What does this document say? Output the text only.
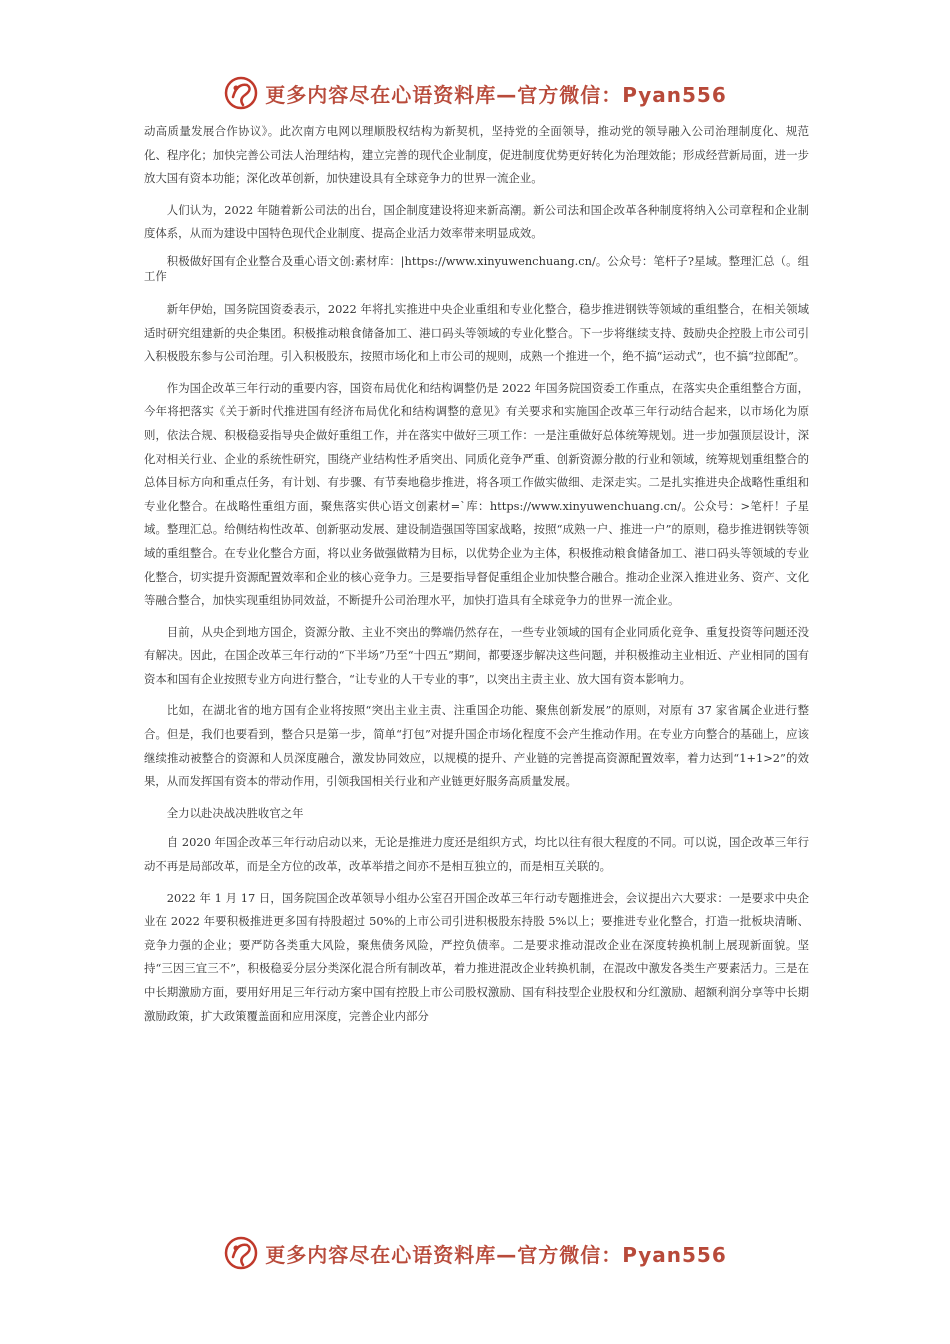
更多内容尽在心语资料库—官方微信：Pyan556

动高质量发展合作协议》。此次南方电网以理顺股权结构为新契机，坚持党的全面领导，推动党的领导融入公司治理制度化、规范化、程序化；加快完善公司法人治理结构，建立完善的现代企业制度，促进制度优势更好转化为治理效能；形成经营新局面，进一步放大国有资本功能；深化改革创新，加快建设具有全球竞争力的世界一流企业。

人们认为，2022 年随着新公司法的出台，国企制度建设将迎来新高潮。新公司法和国企改革各种制度将纳入公司章程和企业制度体系，从而为建设中国特色现代企业制度、提高企业活力效率带来明显成效。

积极做好国有企业整合及重心语文创:素材库：|https://www.xinyuwenchuang.cn/。公众号：笔杆子?星域。整理汇总（。组工作

新年伊始，国务院国资委表示，2022 年将扎实推进中央企业重组和专业化整合，稳步推进钢铁等领域的重组整合，在相关领域适时研究组建新的央企集团。积极推动粮食储备加工、港口码头等领域的专业化整合。下一步将继续支持、鼓励央企控股上市公司引入积极股东参与公司治理。引入积极股东，按照市场化和上市公司的规则，成熟一个推进一个，绝不搞“运动式”，也不搞“拉郎配”。

作为国企改革三年行动的重要内容，国资布局优化和结构调整仍是 2022 年国务院国资委工作重点，在落实央企重组整合方面，今年将把落实《关于新时代推进国有经济布局优化和结构调整的意见》有关要求和实施国企改革三年行动结合起来，以市场化为原则，依法合规、积极稳妥指导央企做好重组工作，并在落实中做好三项工作：一是注重做好总体统筹规划。进一步加强顶层设计，深化对相关行业、企业的系统性研究，围绕产业结构性矛盾突出、同质化竞争严重、创新资源分散的行业和领域，统筹规划重组整合的总体目标方向和重点任务，有计划、有步骤、有节奏地稳步推进，将各项工作做实做细、走深走实。二是扎实推进央企战略性重组和专业化整合。在战略性重组方面，聚焦落实供心语文创素材=`库：https://www.xinyuwenchuang.cn/。公众号：>笔杆！子星域。整理汇总。给侧结构性改革、创新驱动发展、建设制造强国等国家战略，按照“成熟一户、推进一户”的原则，稳步推进钢铁等领域的重组整合。在专业化整合方面，将以业务做强做精为目标，以优势企业为主体，积极推动粮食储备加工、港口码头等领域的专业化整合，切实提升资源配置效率和企业的核心竞争力。三是要指导督促重组企业加快整合融合。推动企业深入推进业务、资产、文化等融合整合，加快实现重组协同效益，不断提升公司治理水平，加快打造具有全球竞争力的世界一流企业。

目前，从央企到地方国企，资源分散、主业不突出的弊端仍然存在，一些专业领域的国有企业同质化竞争、重复投资等问题还没有解决。因此，在国企改革三年行动的“下半场”乃至“十四五”期间，都要逐步解决这些问题，并积极推动主业相近、产业相同的国有资本和国有企业按照专业方向进行整合，“让专业的人干专业的事”，以突出主责主业、放大国有资本影响力。

比如，在湖北省的地方国有企业将按照“突出主业主责、注重国企功能、聚焦创新发展”的原则，对原有 37 家省属企业进行整合。但是，我们也要看到，整合只是第一步，简单“打包”对提升国企市场化程度不会产生推动作用。在专业方向整合的基础上，应该继续推动被整合的资源和人员深度融合，激发协同效应，以规模的提升、产业链的完善提高资源配置效率，着力达到“1+1>2”的效果，从而发挥国有资本的带动作用，引领我国相关行业和产业链更好服务高质量发展。

全力以赴决战决胜收官之年

自 2020 年国企改革三年行动启动以来，无论是推进力度还是组织方式，均比以往有很大程度的不同。可以说，国企改革三年行动不再是局部改革，而是全方位的改革，改革举措之间亦不是相互独立的，而是相互关联的。

2022 年 1 月 17 日，国务院国企改革领导小组办公室召开国企改革三年行动专题推进会，会议提出六大要求：一是要求中央企业在 2022 年要积极推进更多国有持股超过 50%的上市公司引进积极股东持股 5%以上；要推进专业化整合，打造一批板块清晰、竞争力强的企业；要严防各类重大风险，聚焦债务风险，严控负债率。二是要求推动混改企业在深度转换机制上展现新面貌。坚持“三因三宜三不”，积极稳妥分层分类深化混合所有制改革，着力推进混改企业转换机制，在混改中激发各类生产要素活力。三是在中长期激励方面，要用好用足三年行动方案中国有控股上市公司股权激励、国有科技型企业股权和分红激励、超额利润分享等中长期激励政策，扩大政策覆盖面和应用深度，完善企业内部分

更多内容尽在心语资料库—官方微信：Pyan556
